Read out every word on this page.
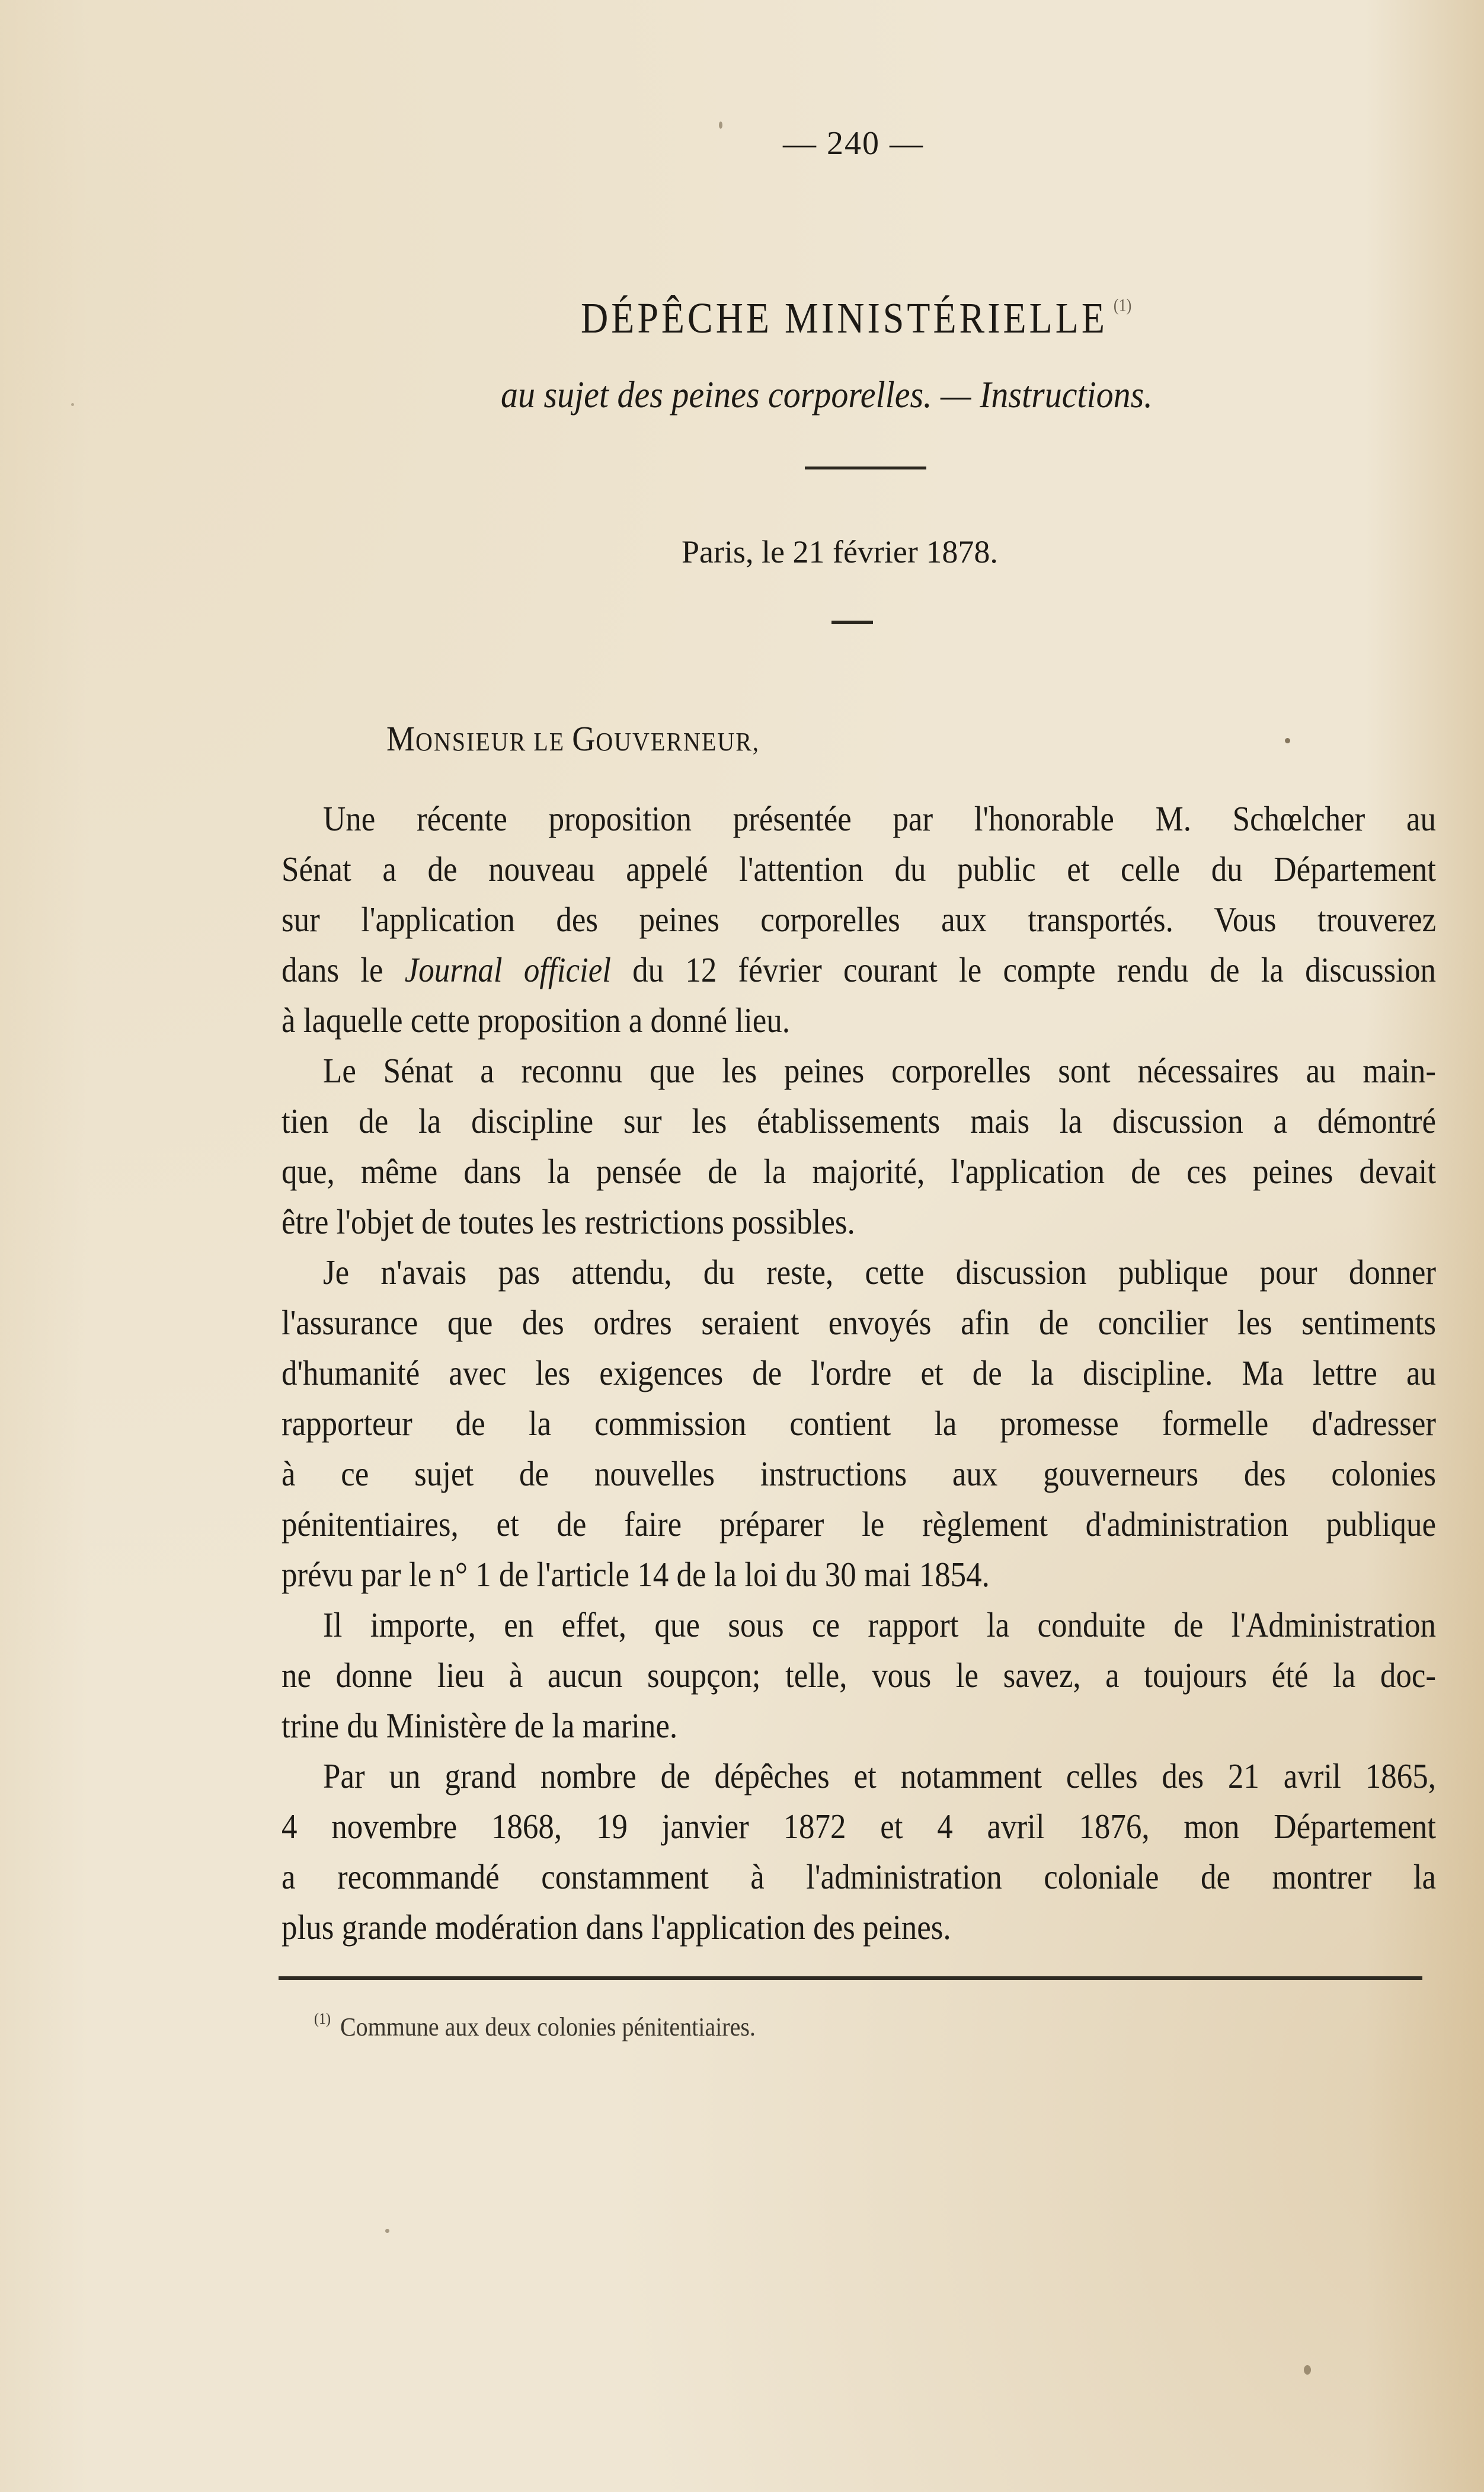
— 240 —
DÉPÊCHE MINISTÉRIELLE $^{(1)}$
au sujet des peines corporelles. — Instructions.
Paris, le 21 février 1878.
MONSIEUR LE GOUVERNEUR,
Une récente proposition présentée par l'honorable M. Schœlcher au
Sénat a de nouveau appelé l'attention du public et celle du Département
sur l'application des peines corporelles aux transportés. Vous trouverez
dans le Journal officiel du 12 février courant le compte rendu de la discussion
à laquelle cette proposition a donné lieu.
Le Sénat a reconnu que les peines corporelles sont nécessaires au main-
tien de la discipline sur les établissements mais la discussion a démontré
que, même dans la pensée de la majorité, l'application de ces peines devait
être l'objet de toutes les restrictions possibles.
Je n'avais pas attendu, du reste, cette discussion publique pour donner
l'assurance que des ordres seraient envoyés afin de concilier les sentiments
d'humanité avec les exigences de l'ordre et de la discipline. Ma lettre au
rapporteur de la commission contient la promesse formelle d'adresser
à ce sujet de nouvelles instructions aux gouverneurs des colonies
pénitentiaires, et de faire préparer le règlement d'administration publique
prévu par le n° 1 de l'article 14 de la loi du 30 mai 1854.
Il importe, en effet, que sous ce rapport la conduite de l'Administration
ne donne lieu à aucun soupçon; telle, vous le savez, a toujours été la doc-
trine du Ministère de la marine.
Par un grand nombre de dépêches et notamment celles des 21 avril 1865,
4 novembre 1868, 19 janvier 1872 et 4 avril 1876, mon Département
a recommandé constamment à l'administration coloniale de montrer la
plus grande modération dans l'application des peines.
$^{(1)}$ Commune aux deux colonies pénitentiaires.
